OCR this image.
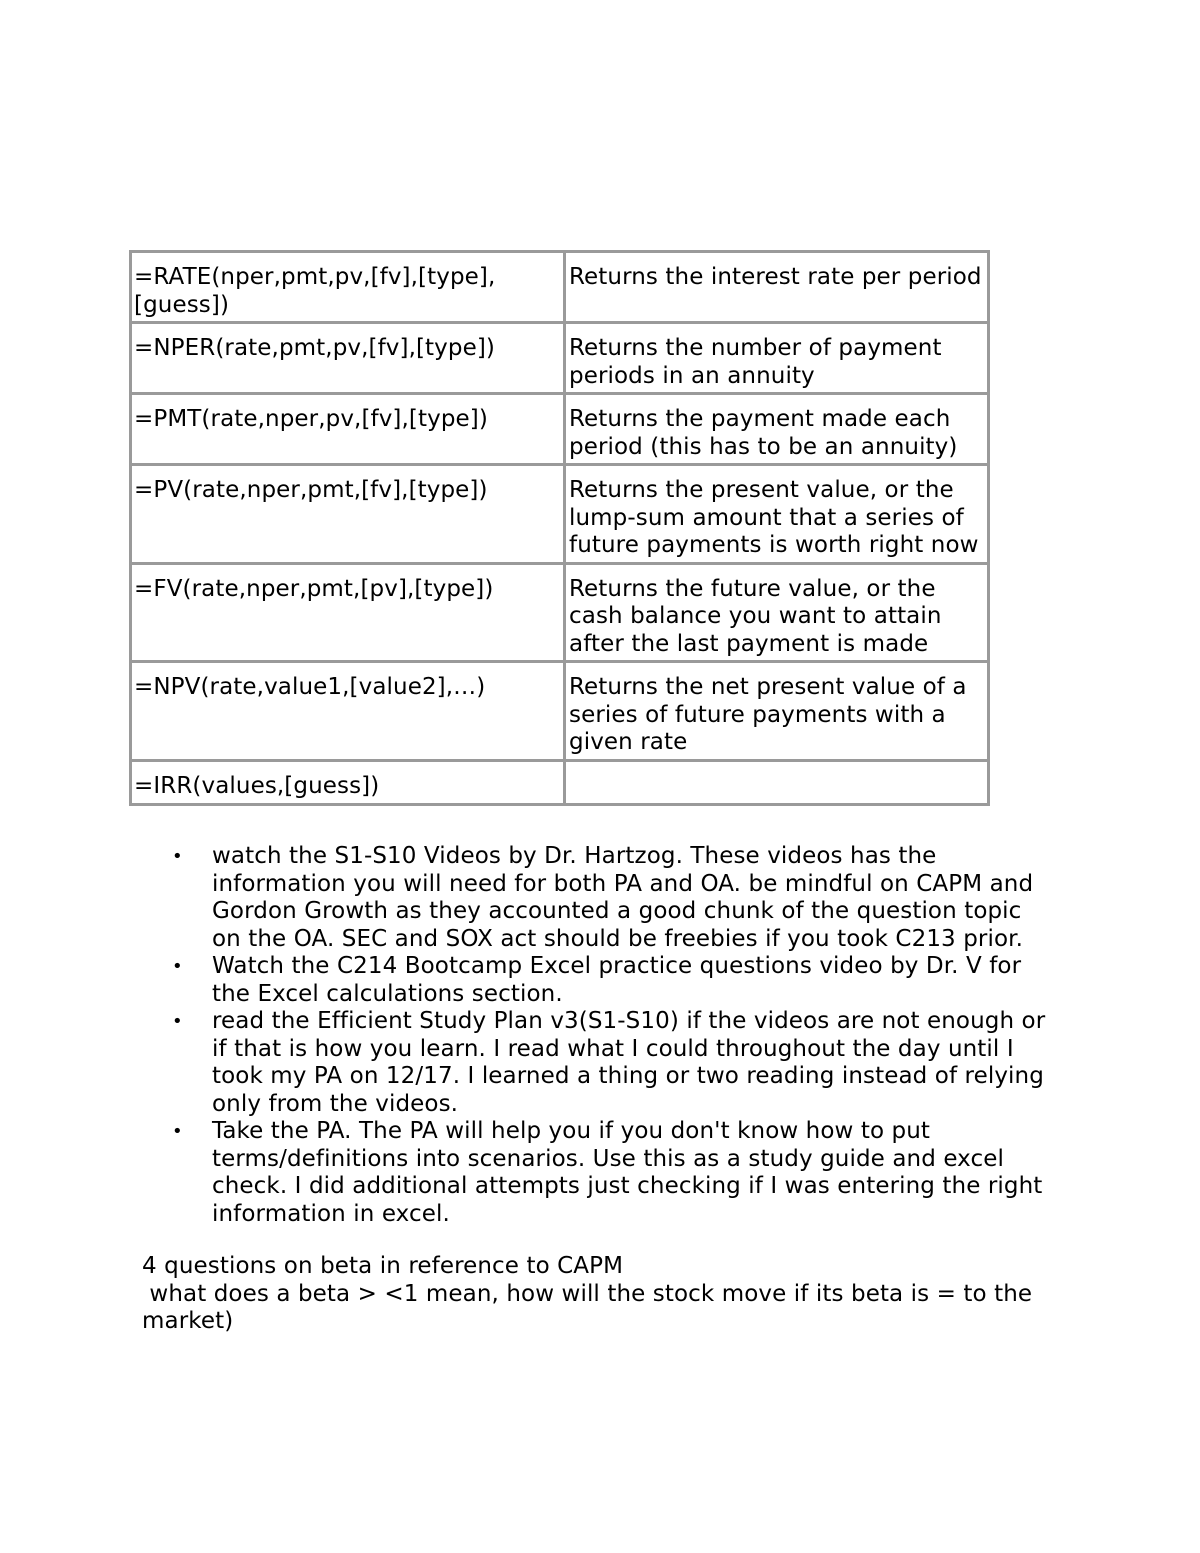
=RATE(nper,pmt,pv,[fv],[type],[guess])	Returns the interest rate per period
=NPER(rate,pmt,pv,[fv],[type])	Returns the number of payment periods in an annuity
=PMT(rate,nper,pv,[fv],[type])	Returns the payment made each period (this has to be an annuity)
=PV(rate,nper,pmt,[fv],[type])	Returns the present value, or the lump-sum amount that a series of future payments is worth right now
=FV(rate,nper,pmt,[pv],[type])	Returns the future value, or the cash balance you want to attain after the last payment is made
=NPV(rate,value1,[value2],…)	Returns the net present value of a series of future payments with a given rate
=IRR(values,[guess])	
• watch the S1-S10 Videos by Dr. Hartzog. These videos has the information you will need for both PA and OA. be mindful on CAPM and Gordon Growth as they accounted a good chunk of the question topic on the OA. SEC and SOX act should be freebies if you took C213 prior.
• Watch the C214 Bootcamp Excel practice questions video by Dr. V for the Excel calculations section.
• read the Efficient Study Plan v3(S1-S10) if the videos are not enough or if that is how you learn. I read what I could throughout the day until I took my PA on 12/17. I learned a thing or two reading instead of relying only from the videos.
• Take the PA. The PA will help you if you don't know how to put terms/definitions into scenarios. Use this as a study guide and excel check. I did additional attempts just checking if I was entering the right information in excel.

4 questions on beta in reference to CAPM

what does a beta > <1 mean, how will the stock move if its beta is = to the market)
